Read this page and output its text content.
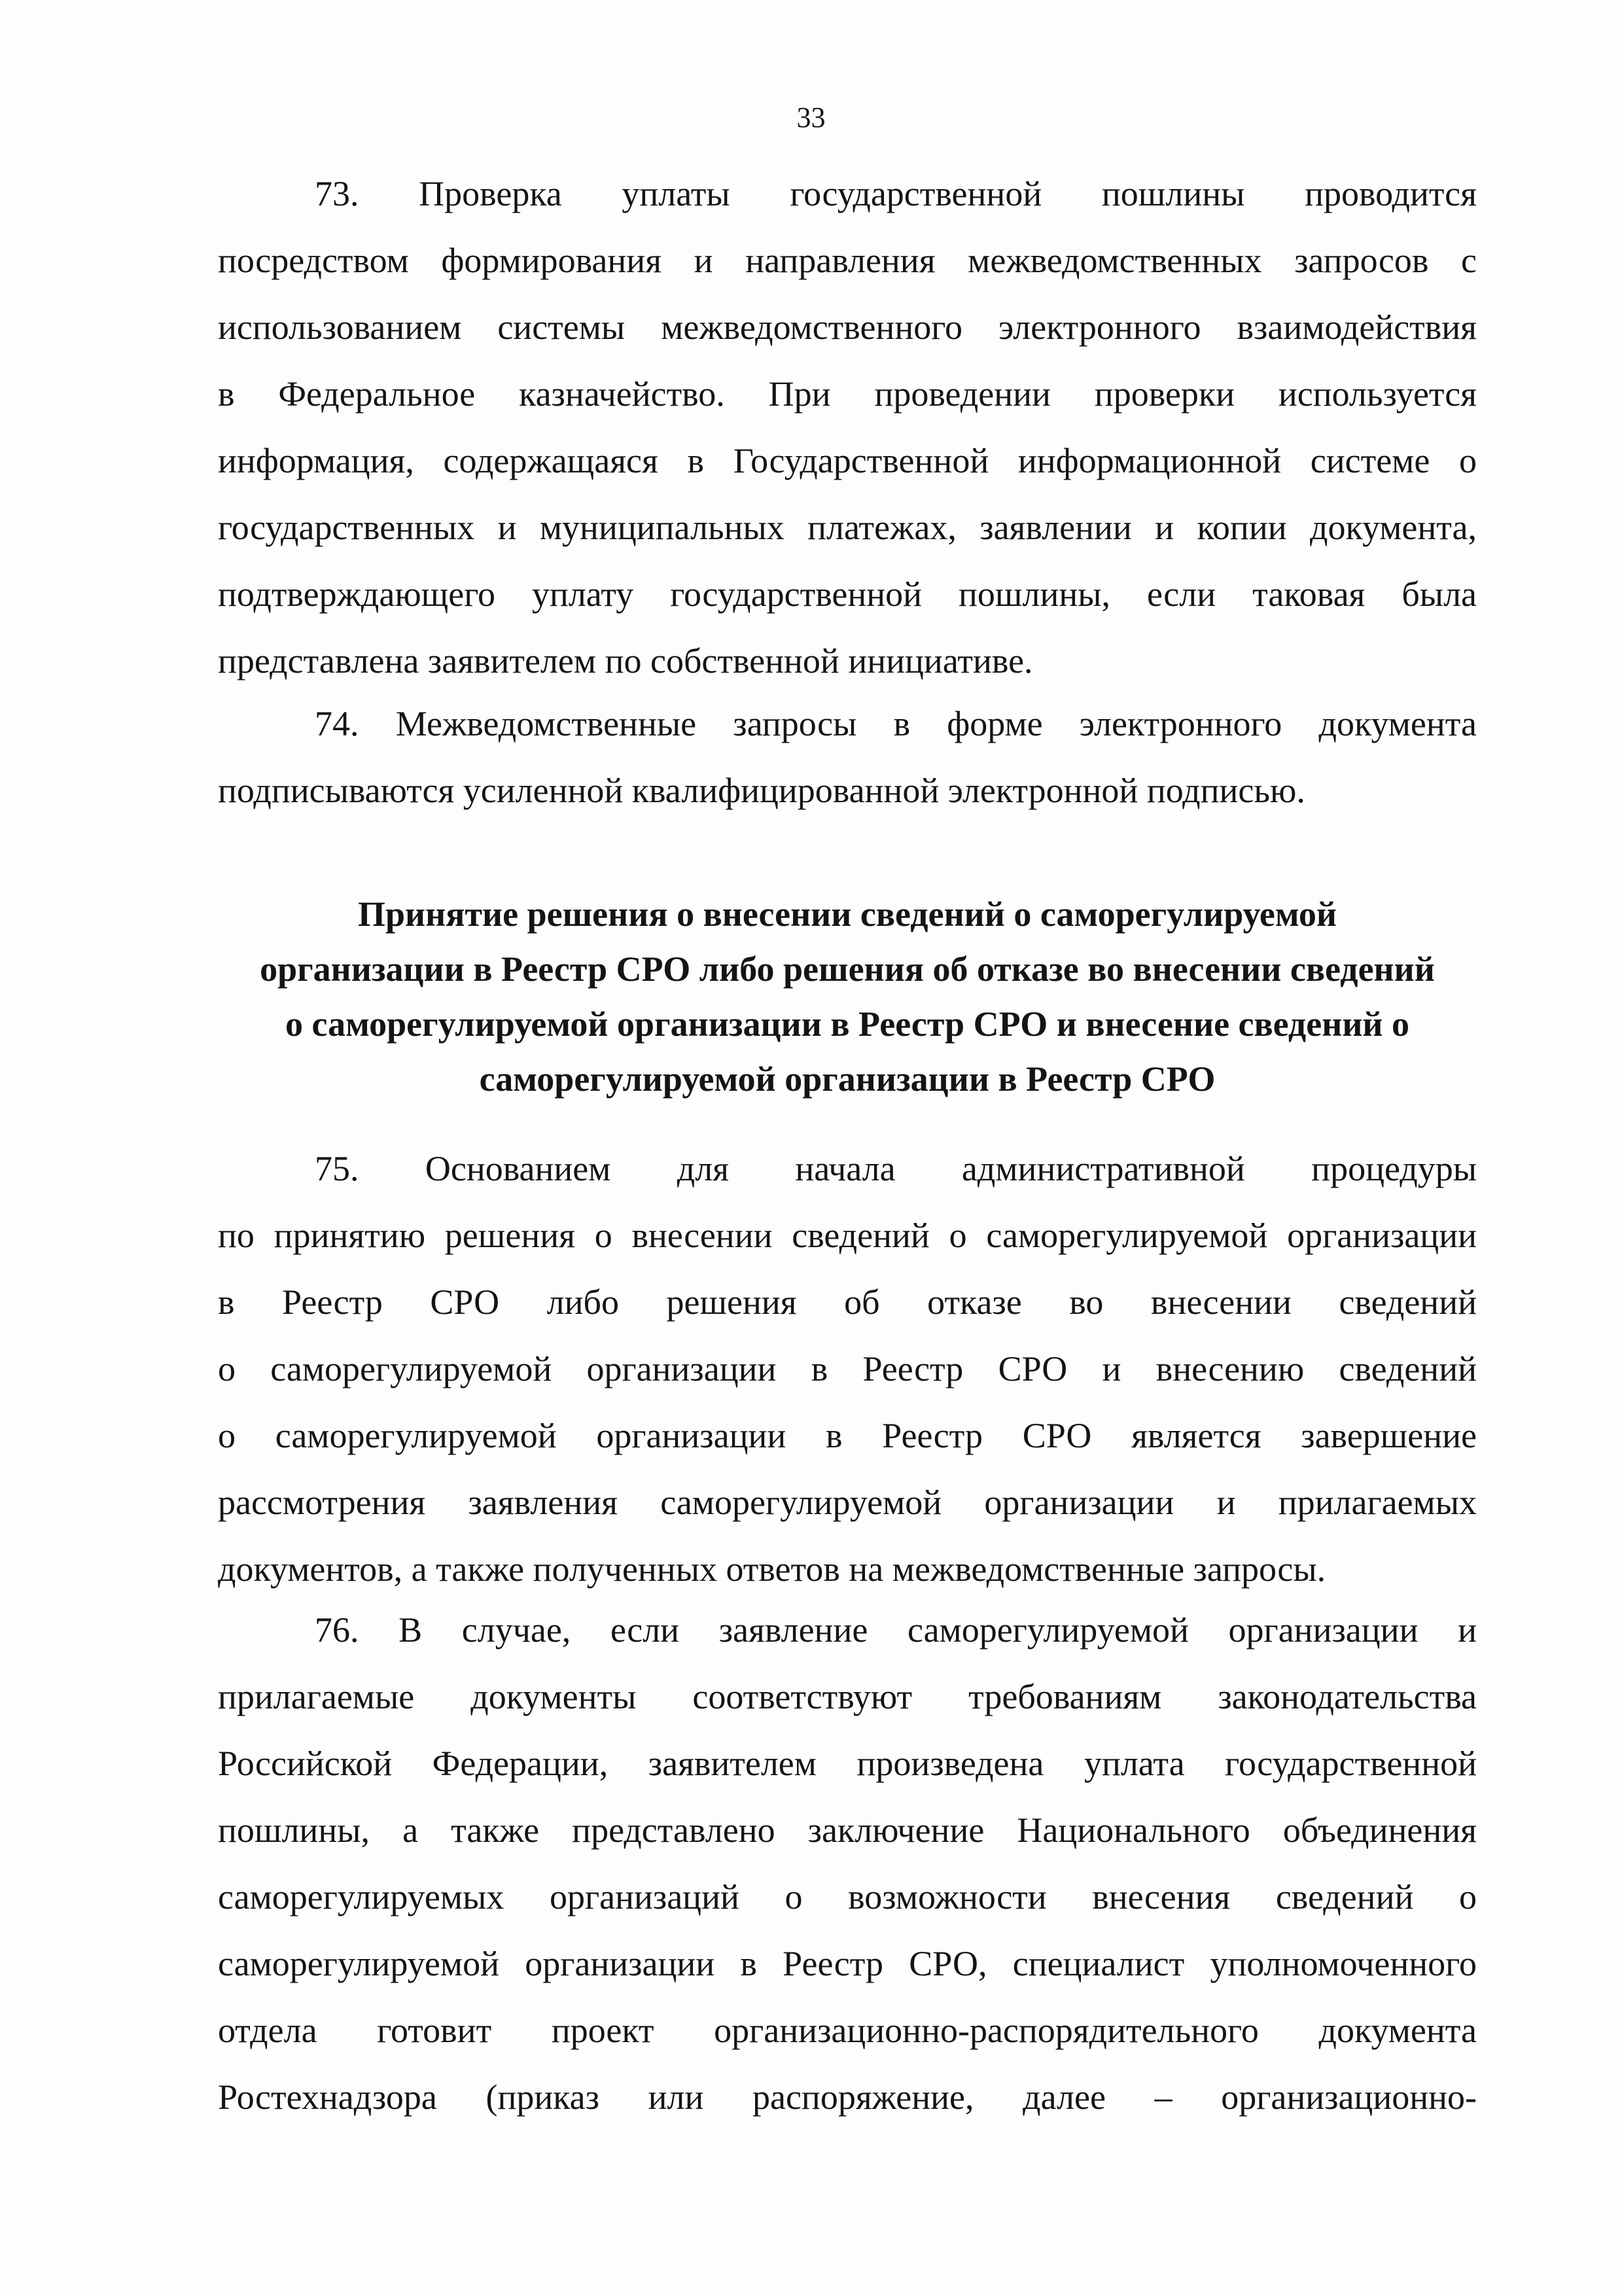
33
73. Проверка уплаты государственной пошлины проводится
посредством формирования и направления межведомственных запросов с
использованием системы межведомственного электронного взаимодействия
в Федеральное казначейство. При проведении проверки используется
информация, содержащаяся в Государственной информационной системе о
государственных и муниципальных платежах, заявлении и копии документа,
подтверждающего уплату государственной пошлины, если таковая была
представлена заявителем по собственной инициативе.
74. Межведомственные запросы в форме электронного документа
подписываются усиленной квалифицированной электронной подписью.
Принятие решения о внесении сведений о саморегулируемой
организации в Реестр СРО либо решения об отказе во внесении сведений
о саморегулируемой организации в Реестр СРО и внесение сведений о
саморегулируемой организации в Реестр СРО
75. Основанием для начала административной процедуры
по принятию решения о внесении сведений о саморегулируемой организации
в Реестр СРО либо решения об отказе во внесении сведений
о саморегулируемой организации в Реестр СРО и внесению сведений
о саморегулируемой организации в Реестр СРО является завершение
рассмотрения заявления саморегулируемой организации и прилагаемых
документов, а также полученных ответов на межведомственные запросы.
76. В случае, если заявление саморегулируемой организации и
прилагаемые документы соответствуют требованиям законодательства
Российской Федерации, заявителем произведена уплата государственной
пошлины, а также представлено заключение Национального объединения
саморегулируемых организаций о возможности внесения сведений о
саморегулируемой организации в Реестр СРО, специалист уполномоченного
отдела готовит проект организационно-распорядительного документа
Ростехнадзора (приказ или распоряжение, далее – организационно-
